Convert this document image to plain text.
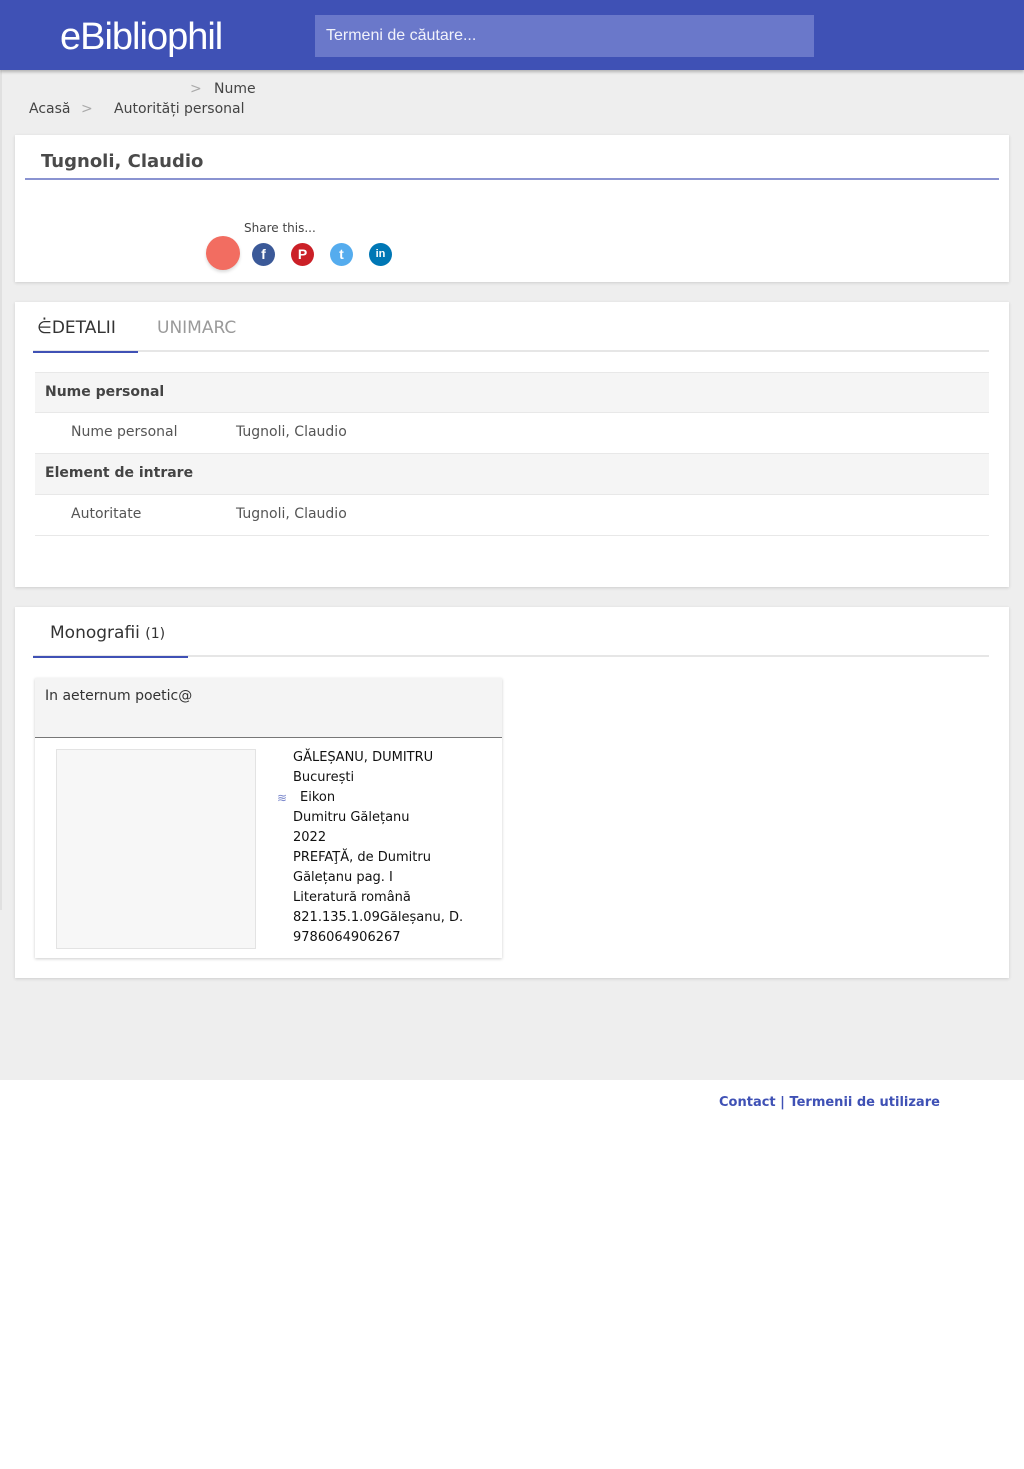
eBibliophil
Termeni de căutare...
> Nume
Acasă > Autorități personal
Tugnoli, Claudio
Share this...
f	P	t	in
⋵DETALII UNIMARC
Nume personal
Nume personal	Tugnoli, Claudio
Element de intrare
Autoritate	Tugnoli, Claudio
Monografii (1)
In aeternum poetic@
GĂLEȘANU, DUMITRU
București
≋ Eikon
Dumitru Gălețanu
2022
PREFAŢĂ, de Dumitru
Gălețanu pag. I
Literatură română
821.135.1.09Găleșanu, D.
9786064906267
Contact | Termenii de utilizare
